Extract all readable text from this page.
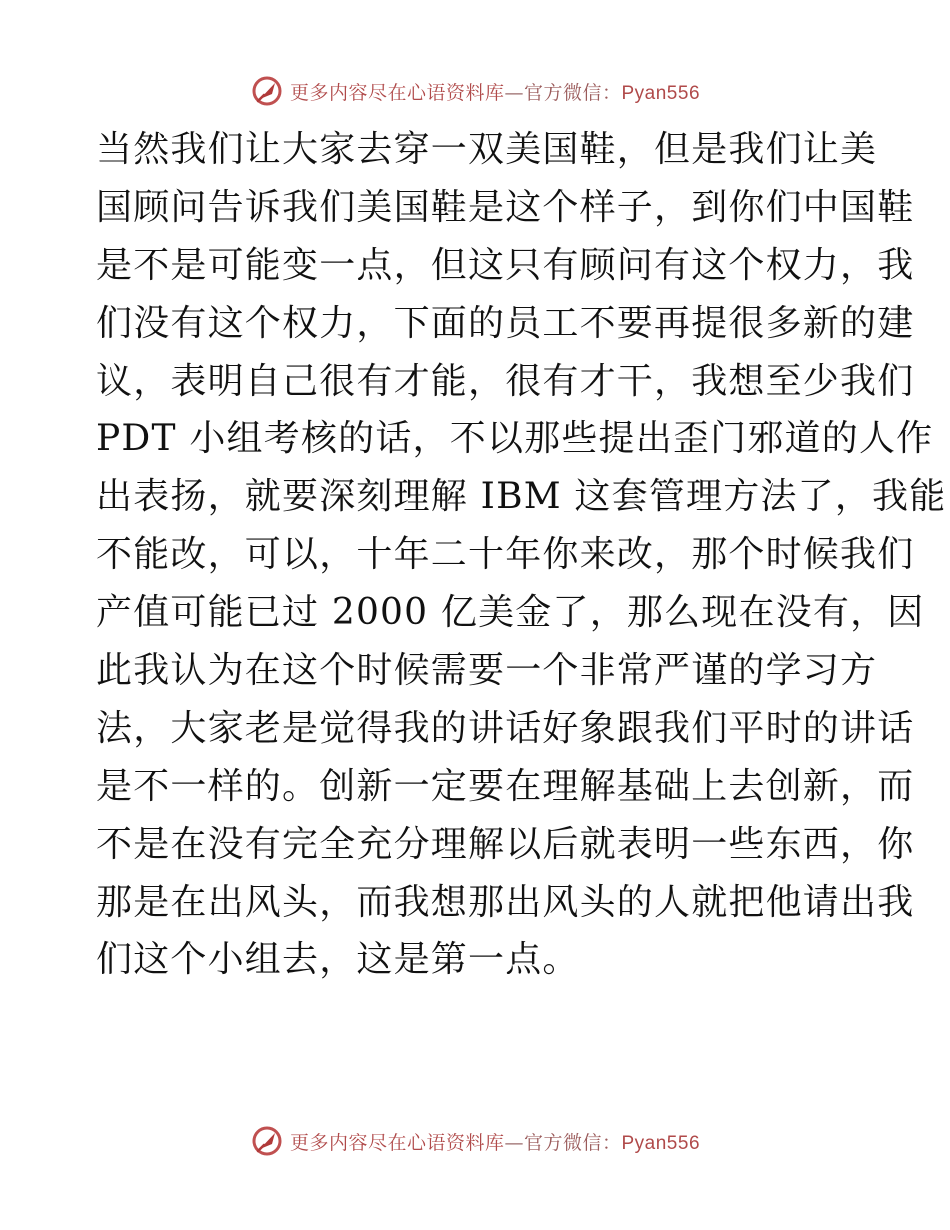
更多内容尽在心语资料库—官方微信：Pyan556
当然我们让大家去穿一双美国鞋，但是我们让美
国顾问告诉我们美国鞋是这个样子，到你们中国鞋
是不是可能变一点，但这只有顾问有这个权力，我
们没有这个权力，下面的员工不要再提很多新的建
议，表明自己很有才能，很有才干，我想至少我们
PDT 小组考核的话，不以那些提出歪门邪道的人作
出表扬，就要深刻理解 IBM 这套管理方法了，我能
不能改，可以，十年二十年你来改，那个时候我们
产值可能已过 2000 亿美金了，那么现在没有，因
此我认为在这个时候需要一个非常严谨的学习方
法，大家老是觉得我的讲话好象跟我们平时的讲话
是不一样的。创新一定要在理解基础上去创新，而
不是在没有完全充分理解以后就表明一些东西，你
那是在出风头，而我想那出风头的人就把他请出我
们这个小组去，这是第一点。
更多内容尽在心语资料库—官方微信：Pyan556
